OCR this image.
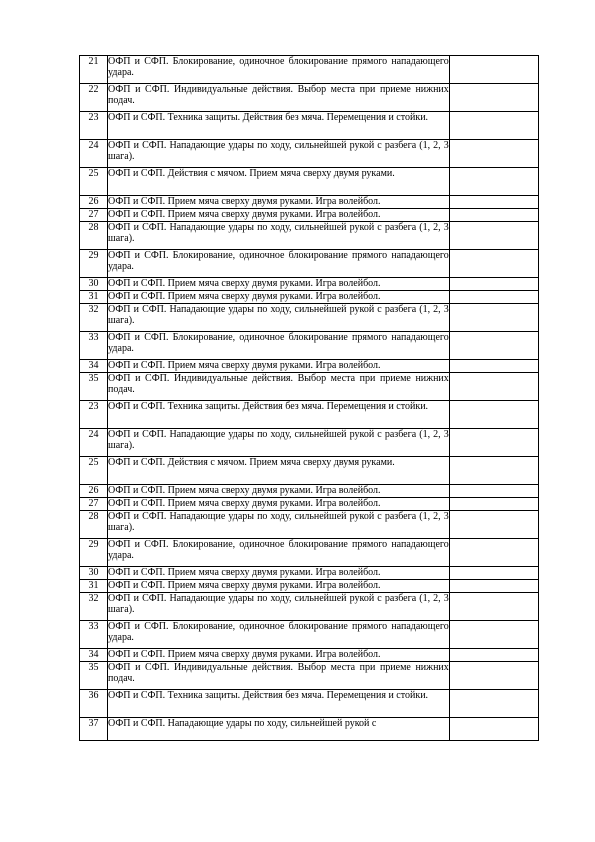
21	ОФП и СФП. Блокирование, одиночное блокирование прямого нападающего удара.	
22	ОФП и СФП. Индивидуальные действия. Выбор места при приеме нижних подач.	
23	ОФП и СФП. Техника защиты. Действия без мяча. Перемещения и стойки.	
24	ОФП и СФП. Нападающие удары по ходу, сильнейшей рукой с разбега (1, 2, 3 шага).	
25	ОФП и СФП. Действия с мячом. Прием мяча сверху двумя руками.	
26	ОФП и СФП. Прием мяча сверху двумя руками. Игра волейбол.	
27	ОФП и СФП. Прием мяча сверху двумя руками. Игра волейбол.	
28	ОФП и СФП. Нападающие удары по ходу, сильнейшей рукой с разбега (1, 2, 3 шага).	
29	ОФП и СФП. Блокирование, одиночное блокирование прямого нападающего удара.	
30	ОФП и СФП. Прием мяча сверху двумя руками. Игра волейбол.	
31	ОФП и СФП. Прием мяча сверху двумя руками. Игра волейбол.	
32	ОФП и СФП. Нападающие удары по ходу, сильнейшей рукой с разбега (1, 2, 3 шага).	
33	ОФП и СФП. Блокирование, одиночное блокирование прямого нападающего удара.	
34	ОФП и СФП. Прием мяча сверху двумя руками. Игра волейбол.	
35	ОФП и СФП. Индивидуальные действия. Выбор места при приеме нижних подач.	
23	ОФП и СФП. Техника защиты. Действия без мяча. Перемещения и стойки.	
24	ОФП и СФП. Нападающие удары по ходу, сильнейшей рукой с разбега (1, 2, 3 шага).	
25	ОФП и СФП. Действия с мячом. Прием мяча сверху двумя руками.	
26	ОФП и СФП. Прием мяча сверху двумя руками. Игра волейбол.	
27	ОФП и СФП. Прием мяча сверху двумя руками. Игра волейбол.	
28	ОФП и СФП. Нападающие удары по ходу, сильнейшей рукой с разбега (1, 2, 3 шага).	
29	ОФП и СФП. Блокирование, одиночное блокирование прямого нападающего удара.	
30	ОФП и СФП. Прием мяча сверху двумя руками. Игра волейбол.	
31	ОФП и СФП. Прием мяча сверху двумя руками. Игра волейбол.	
32	ОФП и СФП. Нападающие удары по ходу, сильнейшей рукой с разбега (1, 2, 3 шага).	
33	ОФП и СФП. Блокирование, одиночное блокирование прямого нападающего удара.	
34	ОФП и СФП. Прием мяча сверху двумя руками. Игра волейбол.	
35	ОФП и СФП. Индивидуальные действия. Выбор места при приеме нижних подач.	
36	ОФП и СФП. Техника защиты. Действия без мяча. Перемещения и стойки.	
37	ОФП и СФП. Нападающие удары по ходу, сильнейшей рукой с	
